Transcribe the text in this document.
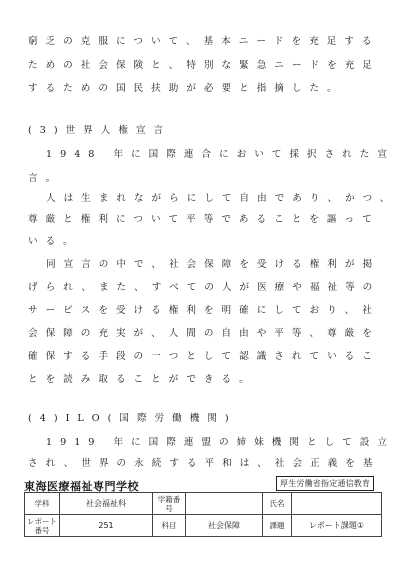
窮乏の克服について、基本ニードを充足する
ための社会保険と、特別な緊急ニードを充足
するための国民扶助が必要と指摘した。
(3)世界人権宣言
1948 年に国際連合において採択された宣
言。
人は生まれながらにして自由であり、かつ、
尊厳と権利について平等であることを謳って
いる。
同宣言の中で、社会保障を受ける権利が掲
げられ、また、すべての人が医療や福祉等の
サービスを受ける権利を明確にしており、社
会保障の充実が、人間の自由や平等、尊厳を
確保する手段の一つとして認識されているこ
とを読み取ることができる。
(4)ILO(国際労働機関)
1919 年に国際連盟の姉妹機関として設立
され、世界の永続する平和は、社会正義を基
東海医療福祉専門学校	厚生労働省指定通信教育
学科	社会福祉科	学籍番号		氏名	
レポート番号	251	科目	社会保障	課題	レポート課題①
